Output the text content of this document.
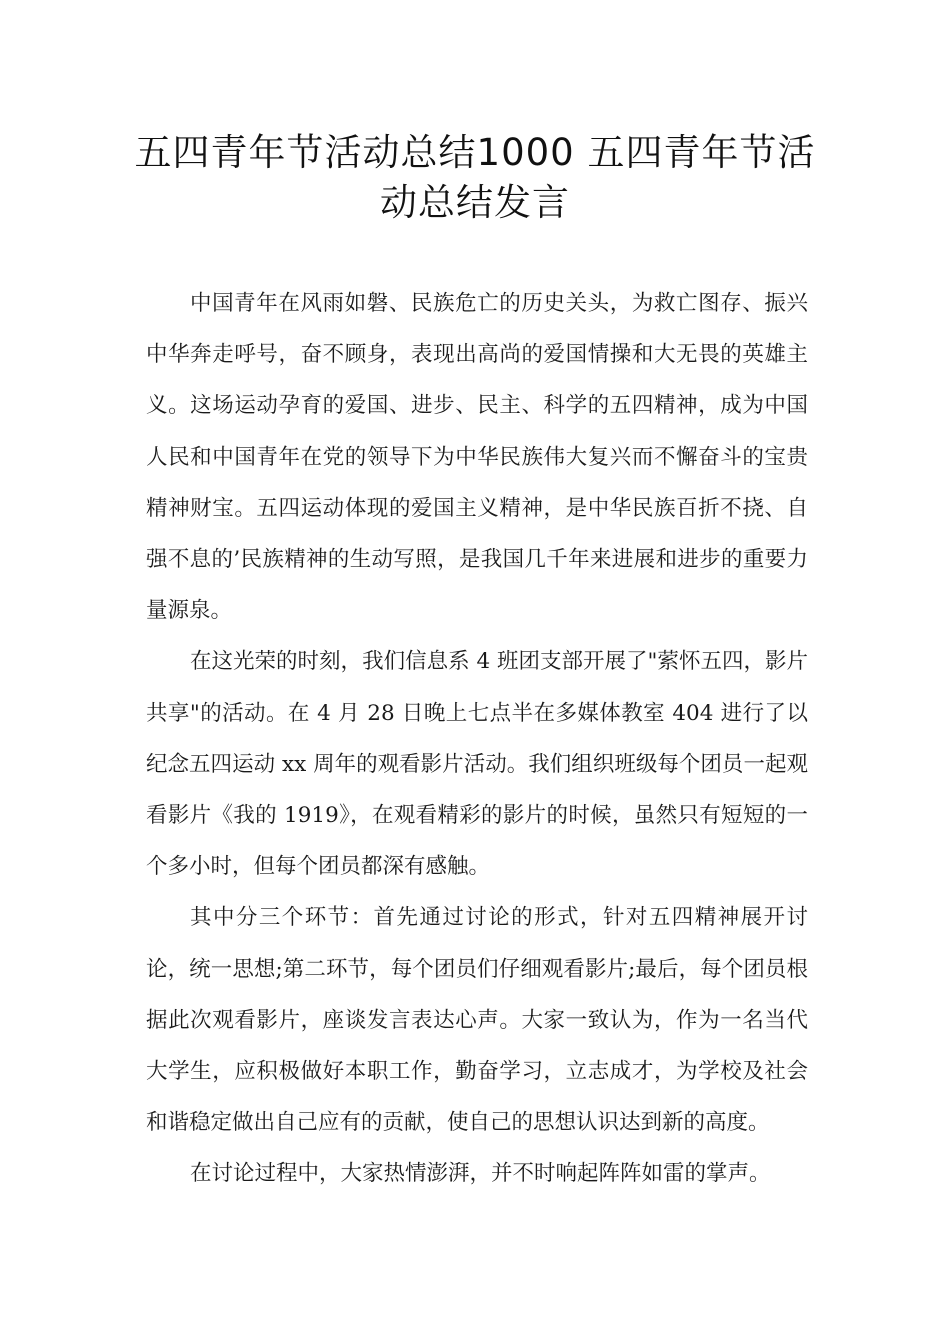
五四青年节活动总结1000 五四青年节活动总结发言

中国青年在风雨如磐、民族危亡的历史关头，为救亡图存、振兴中华奔走呼号，奋不顾身，表现出高尚的爱国情操和大无畏的英雄主义。这场运动孕育的爱国、进步、民主、科学的五四精神，成为中国人民和中国青年在党的领导下为中华民族伟大复兴而不懈奋斗的宝贵精神财宝。五四运动体现的爱国主义精神，是中华民族百折不挠、自强不息的’民族精神的生动写照，是我国几千年来进展和进步的重要力量源泉。

在这光荣的时刻，我们信息系 4 班团支部开展了"萦怀五四，影片共享"的活动。在 4 月 28 日晚上七点半在多媒体教室 404 进行了以纪念五四运动 xx 周年的观看影片活动。我们组织班级每个团员一起观看影片《我的 1919》，在观看精彩的影片的时候，虽然只有短短的一个多小时，但每个团员都深有感触。

其中分三个环节：首先通过讨论的形式，针对五四精神展开讨论，统一思想;第二环节，每个团员们仔细观看影片;最后，每个团员根据此次观看影片，座谈发言表达心声。大家一致认为，作为一名当代大学生，应积极做好本职工作，勤奋学习，立志成才，为学校及社会和谐稳定做出自己应有的贡献，使自己的思想认识达到新的高度。

在讨论过程中，大家热情澎湃，并不时响起阵阵如雷的掌声。
